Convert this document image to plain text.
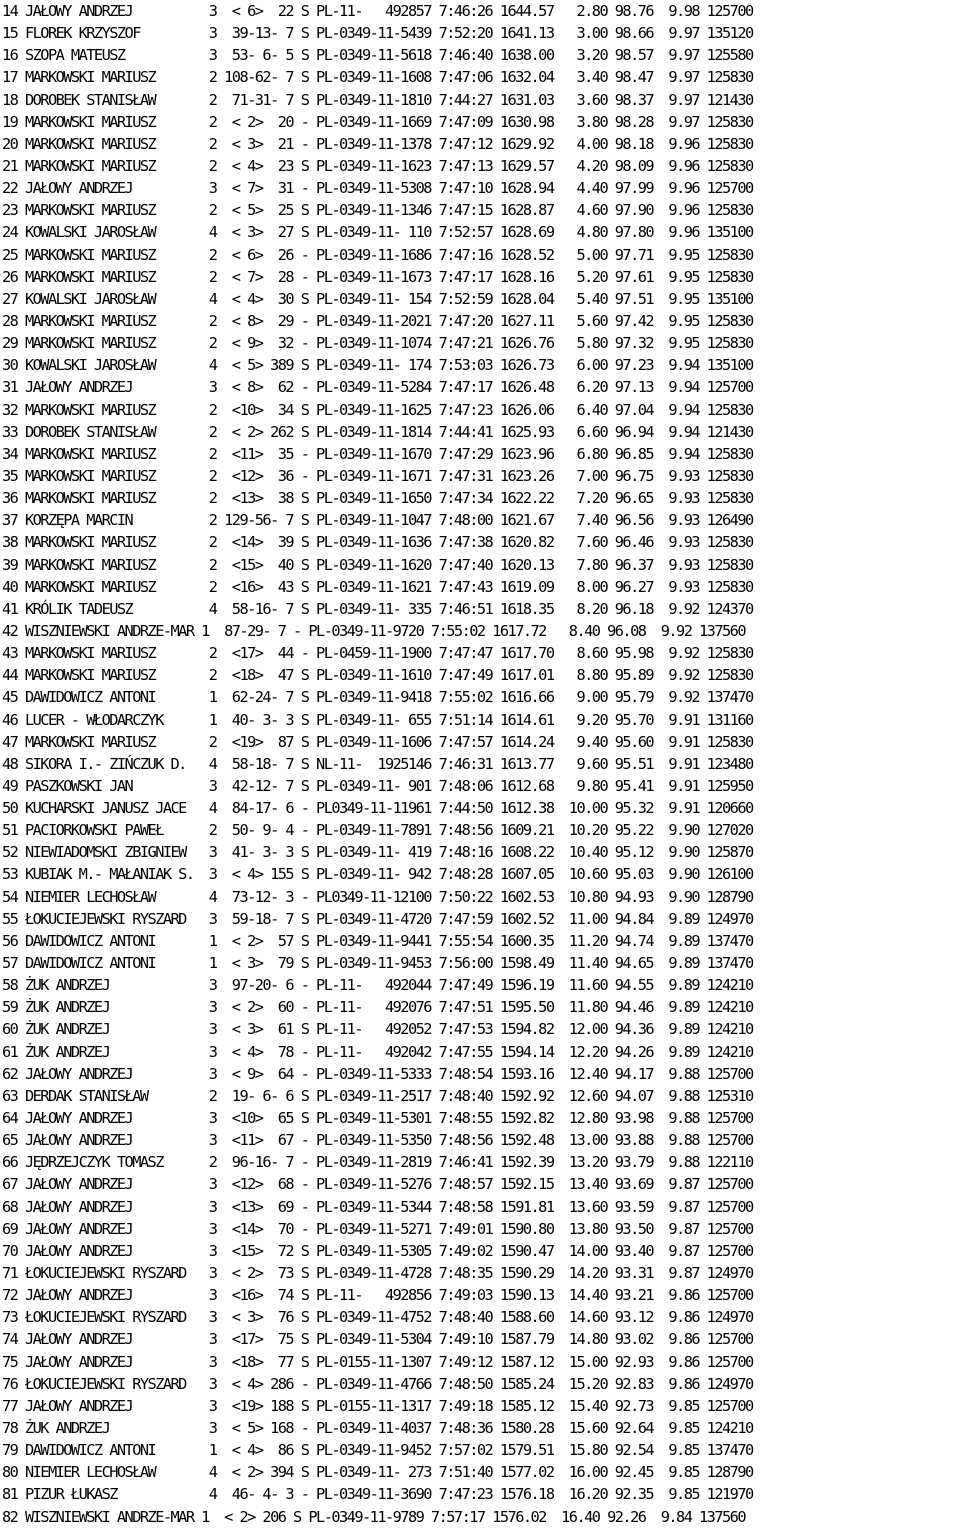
14 JAŁOWY ANDRZEJ          3  < 6>  22 S PL-11-   492857 7:46:26 1644.57   2.80 98.76  9.98 125700
15 FLOREK KRZYSZOF         3  39-13- 7 S PL-0349-11-5439 7:52:20 1641.13   3.00 98.66  9.97 135120
16 SZOPA MATEUSZ           3  53- 6- 5 S PL-0349-11-5618 7:46:40 1638.00   3.20 98.57  9.97 125580
17 MARKOWSKI MARIUSZ       2 108-62- 7 S PL-0349-11-1608 7:47:06 1632.04   3.40 98.47  9.97 125830
18 DOROBEK STANISŁAW       2  71-31- 7 S PL-0349-11-1810 7:44:27 1631.03   3.60 98.37  9.97 121430
19 MARKOWSKI MARIUSZ       2  < 2>  20 - PL-0349-11-1669 7:47:09 1630.98   3.80 98.28  9.97 125830
20 MARKOWSKI MARIUSZ       2  < 3>  21 - PL-0349-11-1378 7:47:12 1629.92   4.00 98.18  9.96 125830
21 MARKOWSKI MARIUSZ       2  < 4>  23 S PL-0349-11-1623 7:47:13 1629.57   4.20 98.09  9.96 125830
22 JAŁOWY ANDRZEJ          3  < 7>  31 - PL-0349-11-5308 7:47:10 1628.94   4.40 97.99  9.96 125700
23 MARKOWSKI MARIUSZ       2  < 5>  25 S PL-0349-11-1346 7:47:15 1628.87   4.60 97.90  9.96 125830
24 KOWALSKI JAROSŁAW       4  < 3>  27 S PL-0349-11- 110 7:52:57 1628.69   4.80 97.80  9.96 135100
25 MARKOWSKI MARIUSZ       2  < 6>  26 - PL-0349-11-1686 7:47:16 1628.52   5.00 97.71  9.95 125830
26 MARKOWSKI MARIUSZ       2  < 7>  28 - PL-0349-11-1673 7:47:17 1628.16   5.20 97.61  9.95 125830
27 KOWALSKI JAROSŁAW       4  < 4>  30 S PL-0349-11- 154 7:52:59 1628.04   5.40 97.51  9.95 135100
28 MARKOWSKI MARIUSZ       2  < 8>  29 - PL-0349-11-2021 7:47:20 1627.11   5.60 97.42  9.95 125830
29 MARKOWSKI MARIUSZ       2  < 9>  32 - PL-0349-11-1074 7:47:21 1626.76   5.80 97.32  9.95 125830
30 KOWALSKI JAROSŁAW       4  < 5> 389 S PL-0349-11- 174 7:53:03 1626.73   6.00 97.23  9.94 135100
31 JAŁOWY ANDRZEJ          3  < 8>  62 - PL-0349-11-5284 7:47:17 1626.48   6.20 97.13  9.94 125700
32 MARKOWSKI MARIUSZ       2  <10>  34 S PL-0349-11-1625 7:47:23 1626.06   6.40 97.04  9.94 125830
33 DOROBEK STANISŁAW       2  < 2> 262 S PL-0349-11-1814 7:44:41 1625.93   6.60 96.94  9.94 121430
34 MARKOWSKI MARIUSZ       2  <11>  35 - PL-0349-11-1670 7:47:29 1623.96   6.80 96.85  9.94 125830
35 MARKOWSKI MARIUSZ       2  <12>  36 - PL-0349-11-1671 7:47:31 1623.26   7.00 96.75  9.93 125830
36 MARKOWSKI MARIUSZ       2  <13>  38 S PL-0349-11-1650 7:47:34 1622.22   7.20 96.65  9.93 125830
37 KORZĘPA MARCIN          2 129-56- 7 S PL-0349-11-1047 7:48:00 1621.67   7.40 96.56  9.93 126490
38 MARKOWSKI MARIUSZ       2  <14>  39 S PL-0349-11-1636 7:47:38 1620.82   7.60 96.46  9.93 125830
39 MARKOWSKI MARIUSZ       2  <15>  40 S PL-0349-11-1620 7:47:40 1620.13   7.80 96.37  9.93 125830
40 MARKOWSKI MARIUSZ       2  <16>  43 S PL-0349-11-1621 7:47:43 1619.09   8.00 96.27  9.93 125830
41 KRÓLIK TADEUSZ          4  58-16- 7 S PL-0349-11- 335 7:46:51 1618.35   8.20 96.18  9.92 124370
42 WISZNIEWSKI ANDRZE-MAR 1  87-29- 7 - PL-0349-11-9720 7:55:02 1617.72   8.40 96.08  9.92 137560
43 MARKOWSKI MARIUSZ       2  <17>  44 - PL-0459-11-1900 7:47:47 1617.70   8.60 95.98  9.92 125830
44 MARKOWSKI MARIUSZ       2  <18>  47 S PL-0349-11-1610 7:47:49 1617.01   8.80 95.89  9.92 125830
45 DAWIDOWICZ ANTONI       1  62-24- 7 S PL-0349-11-9418 7:55:02 1616.66   9.00 95.79  9.92 137470
46 LUCER - WŁODARCZYK      1  40- 3- 3 S PL-0349-11- 655 7:51:14 1614.61   9.20 95.70  9.91 131160
47 MARKOWSKI MARIUSZ       2  <19>  87 S PL-0349-11-1606 7:47:57 1614.24   9.40 95.60  9.91 125830
48 SIKORA I.- ZIŃCZUK D.   4  58-18- 7 S NL-11-  1925146 7:46:31 1613.77   9.60 95.51  9.91 123480
49 PASZKOWSKI JAN          3  42-12- 7 S PL-0349-11- 901 7:48:06 1612.68   9.80 95.41  9.91 125950
50 KUCHARSKI JANUSZ JACE   4  84-17- 6 - PL0349-11-11961 7:44:50 1612.38  10.00 95.32  9.91 120660
51 PACIORKOWSKI PAWEŁ      2  50- 9- 4 - PL-0349-11-7891 7:48:56 1609.21  10.20 95.22  9.90 127020
52 NIEWIADOMSKI ZBIGNIEW   3  41- 3- 3 S PL-0349-11- 419 7:48:16 1608.22  10.40 95.12  9.90 125870
53 KUBIAK M.- MAŁANIAK S.  3  < 4> 155 S PL-0349-11- 942 7:48:28 1607.05  10.60 95.03  9.90 126100
54 NIEMIER LECHOSŁAW       4  73-12- 3 - PL0349-11-12100 7:50:22 1602.53  10.80 94.93  9.90 128790
55 ŁOKUCIEJEWSKI RYSZARD   3  59-18- 7 S PL-0349-11-4720 7:47:59 1602.52  11.00 94.84  9.89 124970
56 DAWIDOWICZ ANTONI       1  < 2>  57 S PL-0349-11-9441 7:55:54 1600.35  11.20 94.74  9.89 137470
57 DAWIDOWICZ ANTONI       1  < 3>  79 S PL-0349-11-9453 7:56:00 1598.49  11.40 94.65  9.89 137470
58 ŻUK ANDRZEJ             3  97-20- 6 - PL-11-   492044 7:47:49 1596.19  11.60 94.55  9.89 124210
59 ŻUK ANDRZEJ             3  < 2>  60 - PL-11-   492076 7:47:51 1595.50  11.80 94.46  9.89 124210
60 ŻUK ANDRZEJ             3  < 3>  61 S PL-11-   492052 7:47:53 1594.82  12.00 94.36  9.89 124210
61 ŻUK ANDRZEJ             3  < 4>  78 - PL-11-   492042 7:47:55 1594.14  12.20 94.26  9.89 124210
62 JAŁOWY ANDRZEJ          3  < 9>  64 - PL-0349-11-5333 7:48:54 1593.16  12.40 94.17  9.88 125700
63 DERDAK STANISŁAW        2  19- 6- 6 S PL-0349-11-2517 7:48:40 1592.92  12.60 94.07  9.88 125310
64 JAŁOWY ANDRZEJ          3  <10>  65 S PL-0349-11-5301 7:48:55 1592.82  12.80 93.98  9.88 125700
65 JAŁOWY ANDRZEJ          3  <11>  67 - PL-0349-11-5350 7:48:56 1592.48  13.00 93.88  9.88 125700
66 JĘDRZEJCZYK TOMASZ      2  96-16- 7 - PL-0349-11-2819 7:46:41 1592.39  13.20 93.79  9.88 122110
67 JAŁOWY ANDRZEJ          3  <12>  68 - PL-0349-11-5276 7:48:57 1592.15  13.40 93.69  9.87 125700
68 JAŁOWY ANDRZEJ          3  <13>  69 - PL-0349-11-5344 7:48:58 1591.81  13.60 93.59  9.87 125700
69 JAŁOWY ANDRZEJ          3  <14>  70 - PL-0349-11-5271 7:49:01 1590.80  13.80 93.50  9.87 125700
70 JAŁOWY ANDRZEJ          3  <15>  72 S PL-0349-11-5305 7:49:02 1590.47  14.00 93.40  9.87 125700
71 ŁOKUCIEJEWSKI RYSZARD   3  < 2>  73 S PL-0349-11-4728 7:48:35 1590.29  14.20 93.31  9.87 124970
72 JAŁOWY ANDRZEJ          3  <16>  74 S PL-11-   492856 7:49:03 1590.13  14.40 93.21  9.86 125700
73 ŁOKUCIEJEWSKI RYSZARD   3  < 3>  76 S PL-0349-11-4752 7:48:40 1588.60  14.60 93.12  9.86 124970
74 JAŁOWY ANDRZEJ          3  <17>  75 S PL-0349-11-5304 7:49:10 1587.79  14.80 93.02  9.86 125700
75 JAŁOWY ANDRZEJ          3  <18>  77 S PL-0155-11-1307 7:49:12 1587.12  15.00 92.93  9.86 125700
76 ŁOKUCIEJEWSKI RYSZARD   3  < 4> 286 - PL-0349-11-4766 7:48:50 1585.24  15.20 92.83  9.86 124970
77 JAŁOWY ANDRZEJ          3  <19> 188 S PL-0155-11-1317 7:49:18 1585.12  15.40 92.73  9.85 125700
78 ŻUK ANDRZEJ             3  < 5> 168 - PL-0349-11-4037 7:48:36 1580.28  15.60 92.64  9.85 124210
79 DAWIDOWICZ ANTONI       1  < 4>  86 S PL-0349-11-9452 7:57:02 1579.51  15.80 92.54  9.85 137470
80 NIEMIER LECHOSŁAW       4  < 2> 394 S PL-0349-11- 273 7:51:40 1577.02  16.00 92.45  9.85 128790
81 PIZUR ŁUKASZ            4  46- 4- 3 - PL-0349-11-3690 7:47:23 1576.18  16.20 92.35  9.85 121970
82 WISZNIEWSKI ANDRZE-MAR 1  < 2> 206 S PL-0349-11-9789 7:57:17 1576.02  16.40 92.26  9.84 137560
